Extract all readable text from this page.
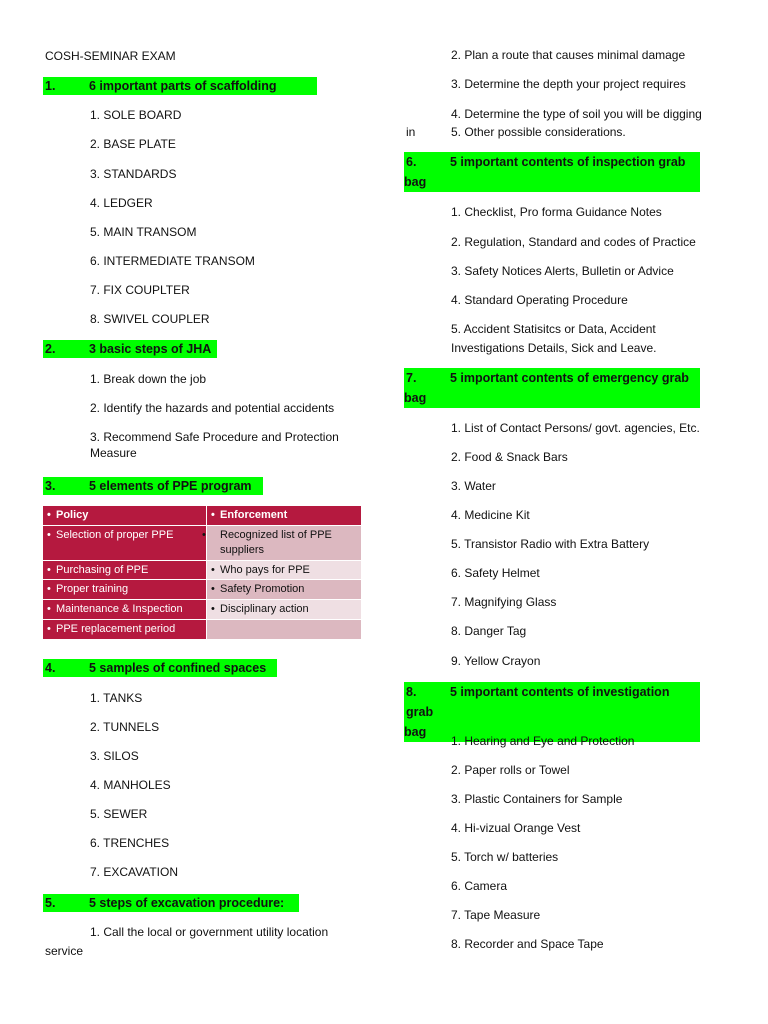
COSH-SEMINAR EXAM
1.	6 important parts of scaffolding
1. SOLE BOARD
2. BASE PLATE
3. STANDARDS
4. LEDGER
5. MAIN TRANSOM
6. INTERMEDIATE TRANSOM
7. FIX COUPLTER
8. SWIVEL COUPLER
2.	3 basic steps of JHA
1. Break down the job
2. Identify the hazards and potential accidents
3. Recommend Safe Procedure and Protection Measure
3.	5 elements of PPE program
• Policy	• Enforcement
• Selection of proper PPE	• Recognized list of PPE suppliers
• Purchasing of PPE	• Who pays for PPE
• Proper training	• Safety Promotion
• Maintenance & Inspection	• Disciplinary action
• PPE replacement period	
4.	5 samples of confined spaces
1. TANKS
2. TUNNELS
3. SILOS
4. MANHOLES
5. SEWER
6. TRENCHES
7. EXCAVATION
5.	5 steps of excavation procedure:
1. Call the local or government utility location
service
2. Plan a route that causes minimal damage
3. Determine the depth your project requires
4. Determine the type of soil you will be digging
in	5. Other possible considerations.
6.	5 important contents of inspection grab
bag
1. Checklist, Pro forma Guidance Notes
2. Regulation, Standard and codes of Practice
3. Safety Notices Alerts, Bulletin or Advice
4. Standard Operating Procedure
5. Accident Statisitcs or Data, Accident Investigations Details, Sick and Leave.
7.	5 important contents of emergency grab
bag
1. List of Contact Persons/ govt. agencies, Etc.
2. Food & Snack Bars
3. Water
4. Medicine Kit
5. Transistor Radio with Extra Battery
6. Safety Helmet
7. Magnifying Glass
8. Danger Tag
9. Yellow Crayon
8.	5 important contents of investigation grab
bag
1. Hearing and Eye and Protection
2. Paper rolls or Towel
3. Plastic Containers for Sample
4. Hi-vizual Orange Vest
5. Torch w/ batteries
6. Camera
7. Tape Measure
8. Recorder and Space Tape
